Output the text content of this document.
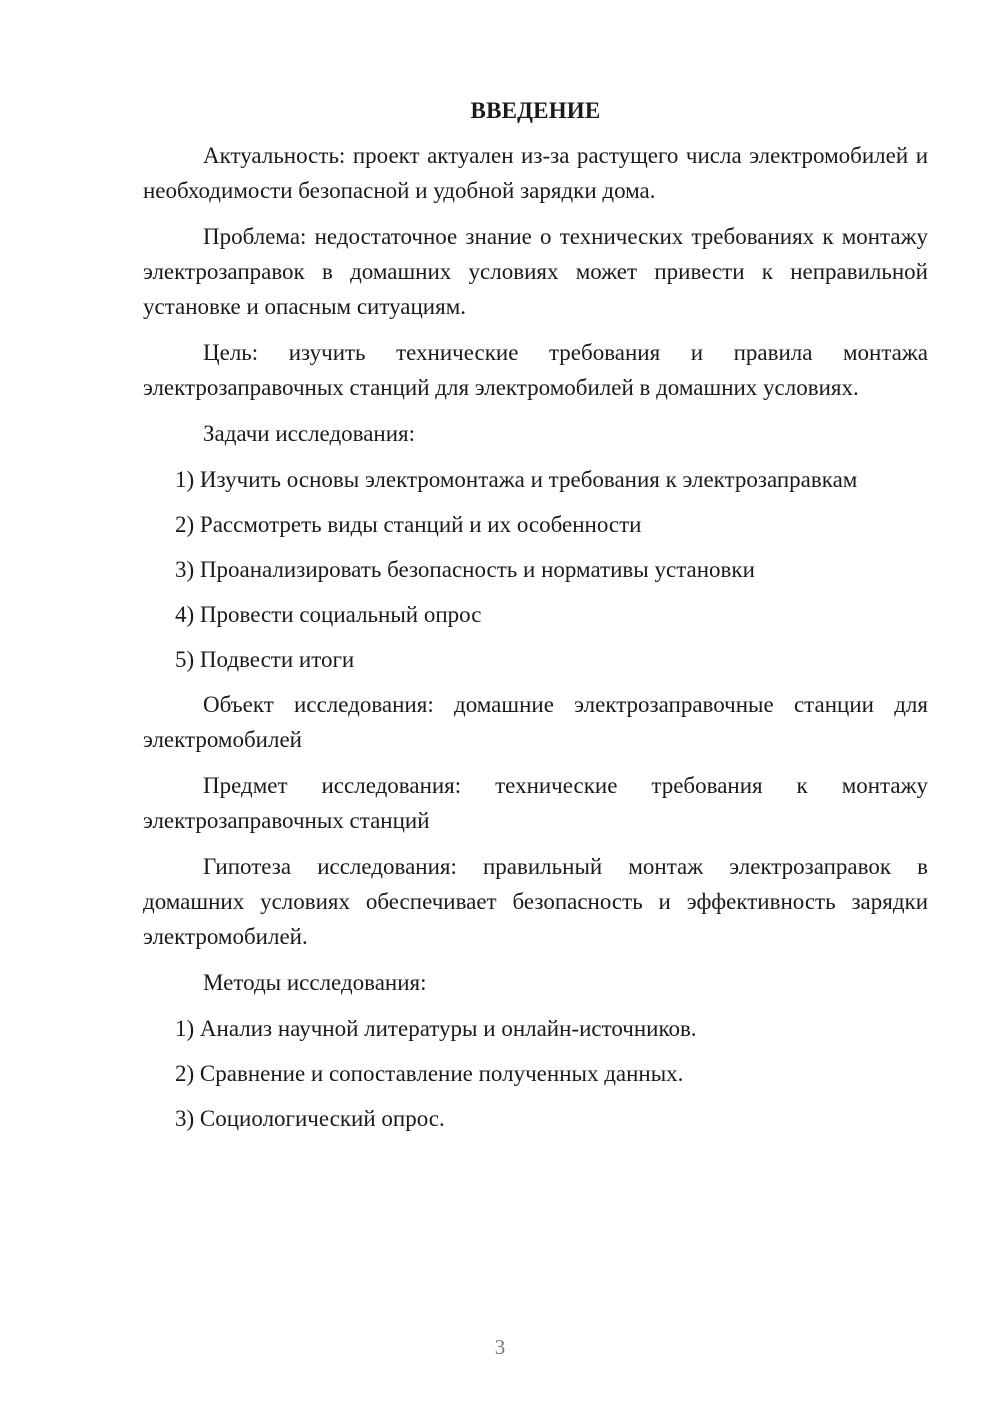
ВВЕДЕНИЕ

Актуальность: проект актуален из-за растущего числа электромобилей и необходимости безопасной и удобной зарядки дома.

Проблема: недостаточное знание о технических требованиях к монтажу электрозаправок в домашних условиях может привести к неправильной установке и опасным ситуациям.

Цель: изучить технические требования и правила монтажа электрозаправочных станций для электромобилей в домашних условиях.

Задачи исследования:

1) Изучить основы электромонтажа и требования к электрозаправкам

2) Рассмотреть виды станций и их особенности

3) Проанализировать безопасность и нормативы установки

4) Провести социальный опрос

5) Подвести итоги

Объект исследования: домашние электрозаправочные станции для электромобилей

Предмет исследования: технические требования к монтажу электрозаправочных станций

Гипотеза исследования: правильный монтаж электрозаправок в домашних условиях обеспечивает безопасность и эффективность зарядки электромобилей.

Методы исследования:

1) Анализ научной литературы и онлайн-источников.

2) Сравнение и сопоставление полученных данных.

3) Социологический опрос.

3
